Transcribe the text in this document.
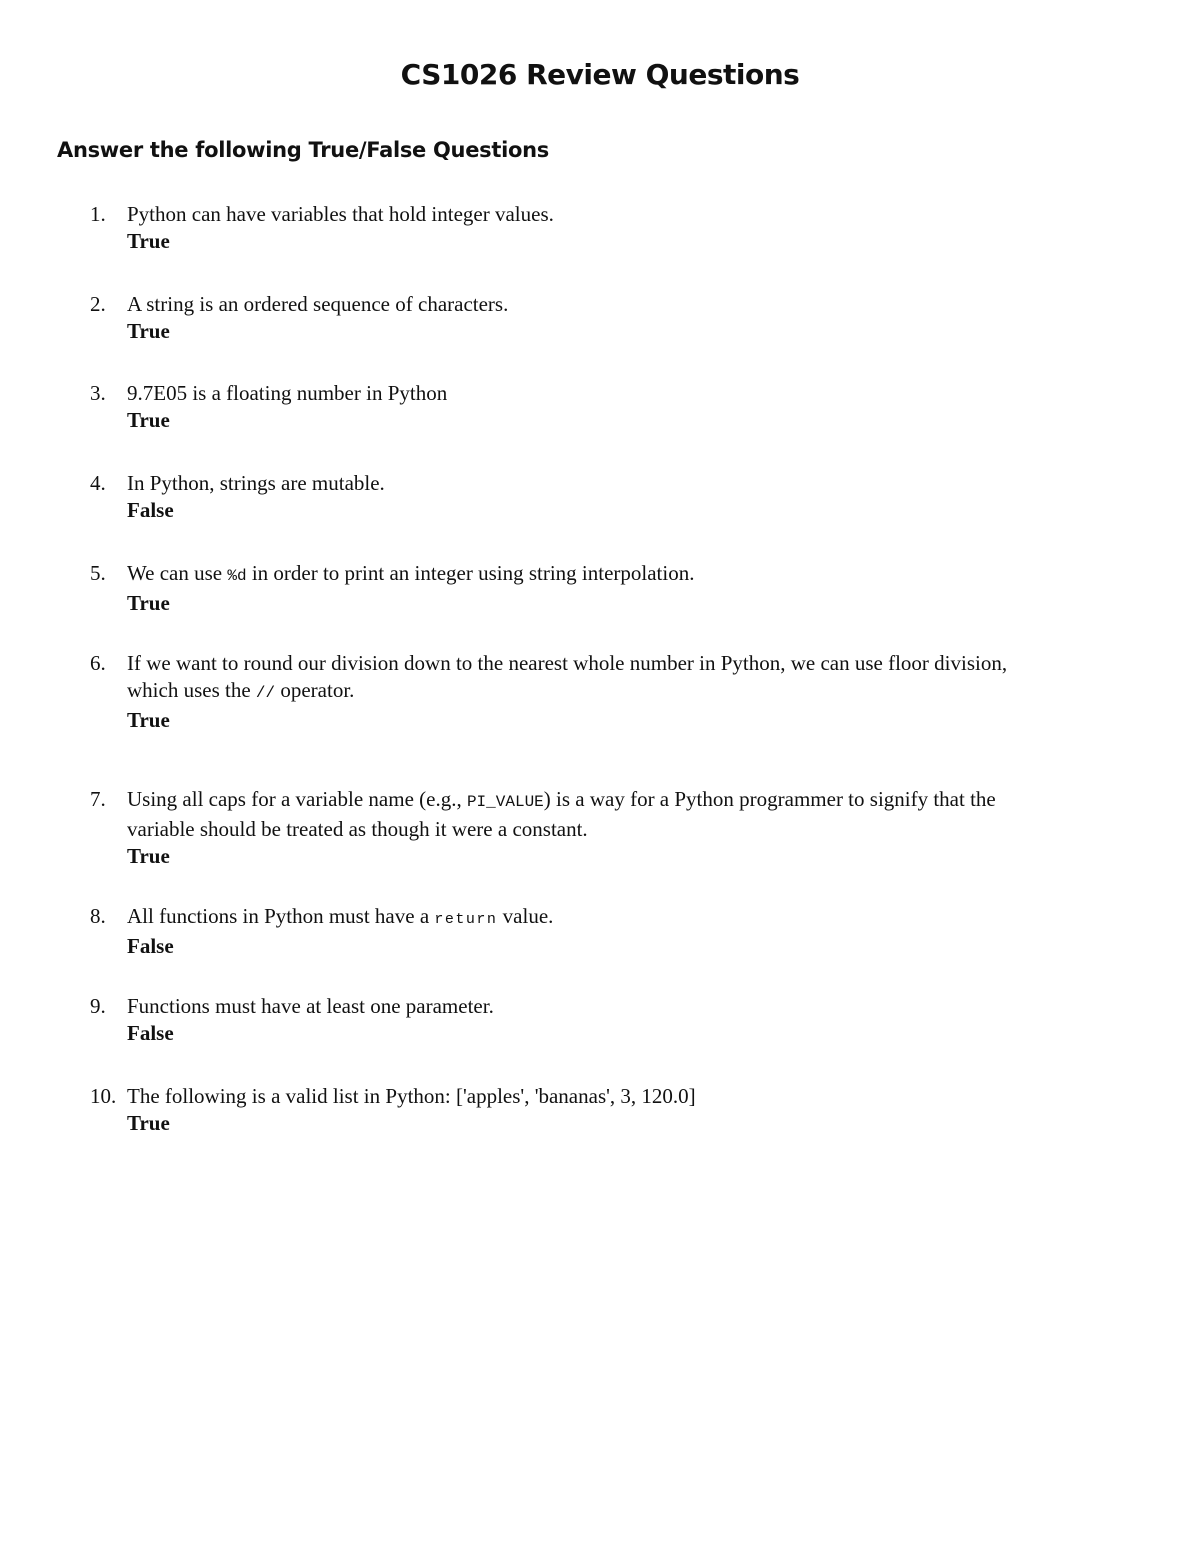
CS1026 Review Questions
Answer the following True/False Questions
1.	Python can have variables that hold integer values.
True
2.	A string is an ordered sequence of characters.
True
3.	9.7E05 is a floating number in Python
True
4.	In Python, strings are mutable.
False
5.	We can use %d in order to print an integer using string interpolation.
True
6.	If we want to round our division down to the nearest whole number in Python, we can use floor division,
which uses the // operator.
True
7.	Using all caps for a variable name (e.g., PI_VALUE) is a way for a Python programmer to signify that the
variable should be treated as though it were a constant.
True
8.	All functions in Python must have a return value.
False
9.	Functions must have at least one parameter.
False
10. The following is a valid list in Python: ['apples', 'bananas', 3, 120.0]
True
